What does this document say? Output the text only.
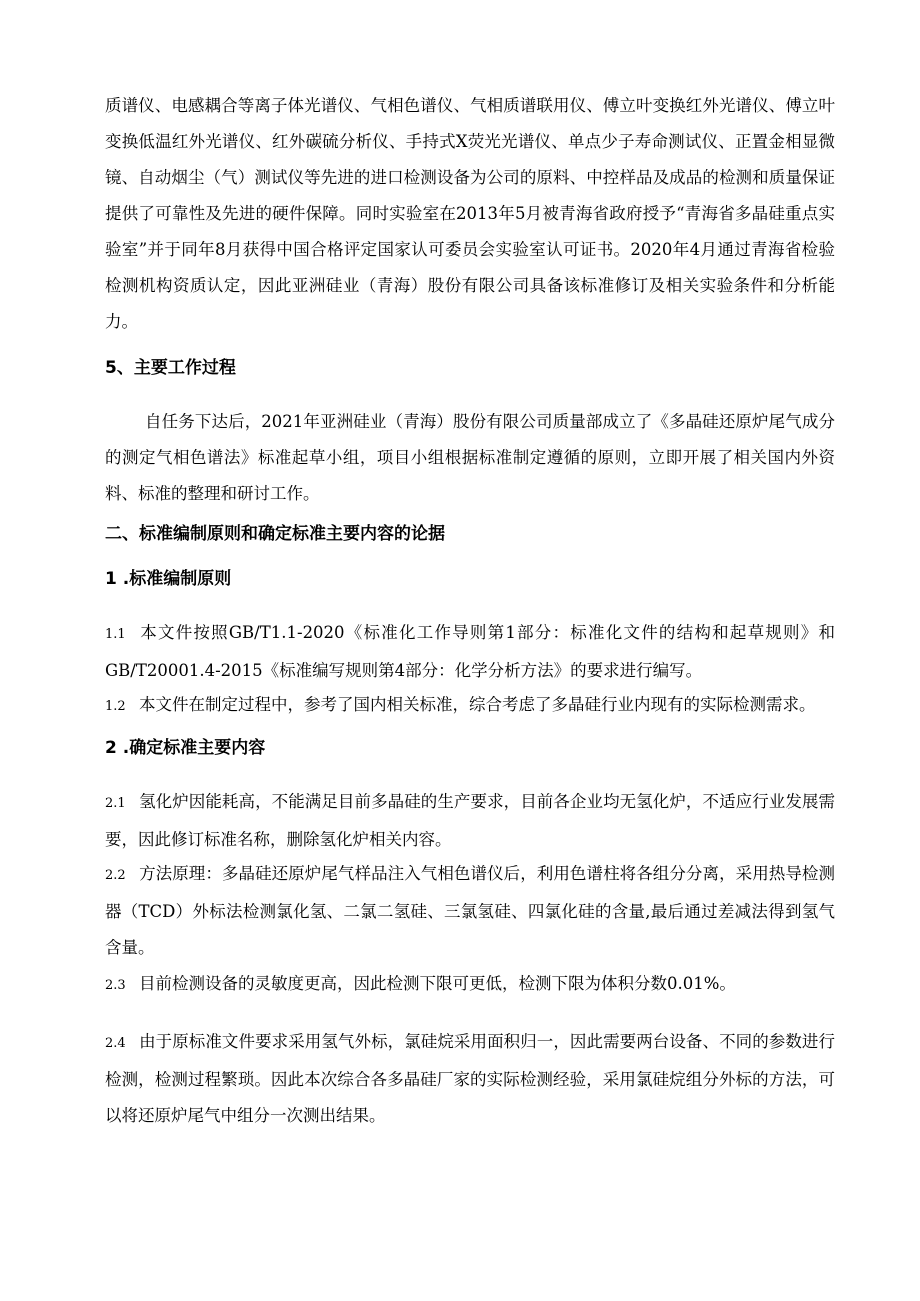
质谱仪、电感耦合等离子体光谱仪、气相色谱仪、气相质谱联用仪、傅立叶变换红外光谱仪、傅立叶变换低温红外光谱仪、红外碳硫分析仪、手持式X荧光光谱仪、单点少子寿命测试仪、正置金相显微镜、自动烟尘（气）测试仪等先进的进口检测设备为公司的原料、中控样品及成品的检测和质量保证提供了可靠性及先进的硬件保障。同时实验室在2013年5月被青海省政府授予“青海省多晶硅重点实验室”并于同年8月获得中国合格评定国家认可委员会实验室认可证书。2020年4月通过青海省检验检测机构资质认定，因此亚洲硅业（青海）股份有限公司具备该标准修订及相关实验条件和分析能力。

5、主要工作过程

自任务下达后，2021年亚洲硅业（青海）股份有限公司质量部成立了《多晶硅还原炉尾气成分的测定气相色谱法》标准起草小组，项目小组根据标准制定遵循的原则，立即开展了相关国内外资料、标准的整理和研讨工作。

二、标准编制原则和确定标准主要内容的论据
1 .标准编制原则

1.1 本文件按照GB/T1.1-2020《标准化工作导则第1部分：标准化文件的结构和起草规则》和GB/T20001.4-2015《标准编写规则第4部分：化学分析方法》的要求进行编写。

1.2 本文件在制定过程中，参考了国内相关标准，综合考虑了多晶硅行业内现有的实际检测需求。

2 .确定标准主要内容

2.1 氢化炉因能耗高，不能满足目前多晶硅的生产要求，目前各企业均无氢化炉，不适应行业发展需要，因此修订标准名称，删除氢化炉相关内容。

2.2 方法原理：多晶硅还原炉尾气样品注入气相色谱仪后，利用色谱柱将各组分分离，采用热导检测器（TCD）外标法检测氯化氢、二氯二氢硅、三氯氢硅、四氯化硅的含量,最后通过差减法得到氢气含量。

2.3 目前检测设备的灵敏度更高，因此检测下限可更低，检测下限为体积分数0.01%。

2.4 由于原标准文件要求采用氢气外标，氯硅烷采用面积归一，因此需要两台设备、不同的参数进行检测，检测过程繁琐。因此本次综合各多晶硅厂家的实际检测经验，采用氯硅烷组分外标的方法，可以将还原炉尾气中组分一次测出结果。
